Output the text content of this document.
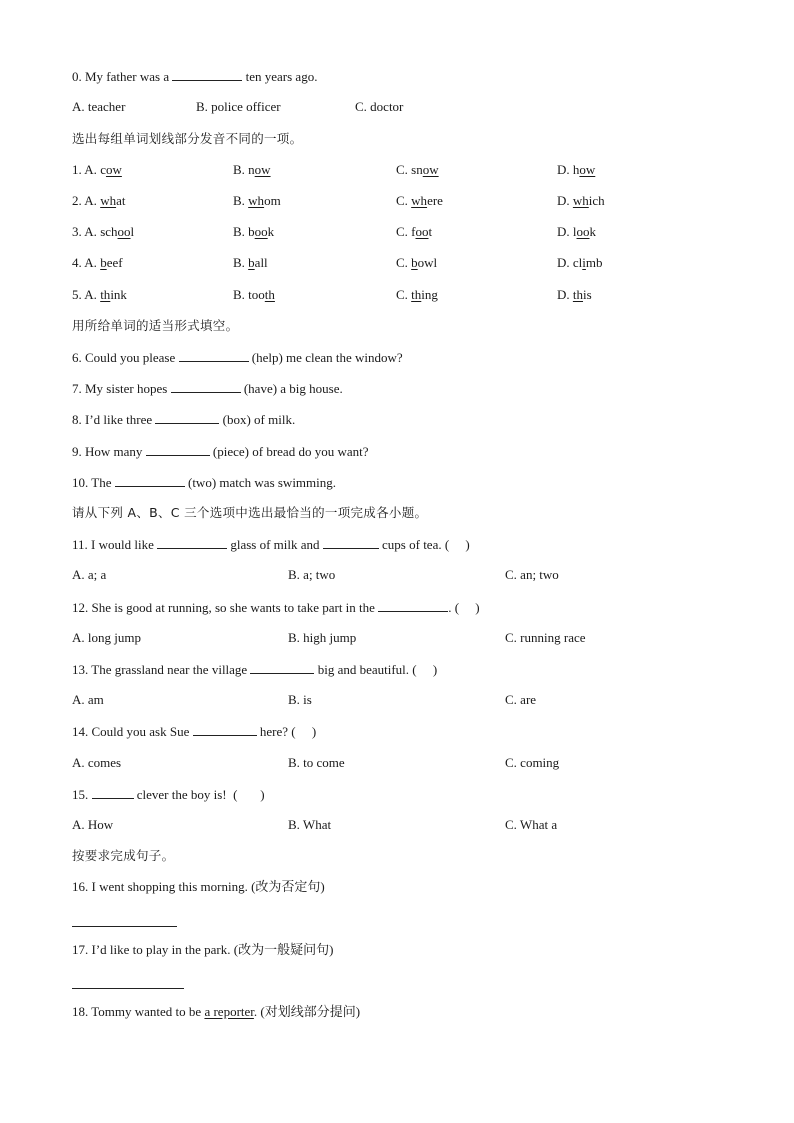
0. My father was a	ten years ago.
A. teacher	B. police officer	C. doctor
选出每组单词划线部分发音不同的一项。
1. A. cow	B. now	C. snow	D. how
2. A. what	B. whom	C. where	D. which
3. A. school	B. book	C. foot	D. look
4. A. beef	B. ball	C. bowl	D. climb
5. A. think	B. tooth	C. thing	D. this
用所给单词的适当形式填空。
6. Could you please	(help) me clean the window?
7. My sister hopes	(have) a big house.
8. I’d like three	(box) of milk.
9. How many	(piece) of bread do you want?
10. The	(two) match was swimming.
请从下列 A、B、C 三个选项中选出最恰当的一项完成各小题。
11. I would like	glass of milk and	cups of tea. (     )
A. a; a	B. a; two	C. an; two
12. She is good at running, so she wants to take part in the	. (     )
A. long jump	B. high jump	C. running race
13. The grassland near the village	big and beautiful. (     )
A. am	B. is	C. are
14. Could you ask Sue	here? (     )
A. comes	B. to come	C. coming
15.	clever the boy is!  (       )
A. How	B. What	C. What a
按要求完成句子。
16. I went shopping this morning. (改为否定句)
17. I’d like to play in the park. (改为一般疑问句)
18. Tommy wanted to be a reporter. (对划线部分提问)
